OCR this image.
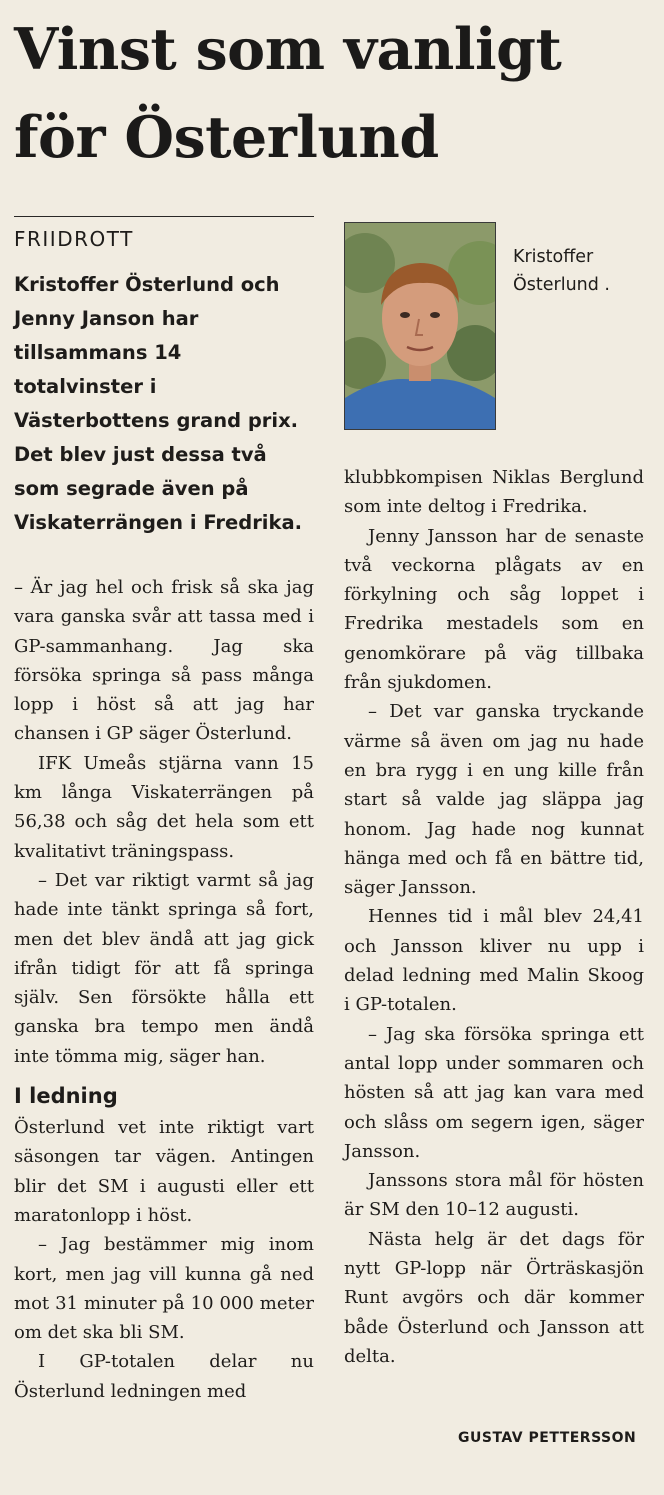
Vinst som vanligt
för Österlund
FRIIDROTT
Kristoffer Österlund och Jenny Janson har tillsammans 14 totalvinster i Västerbottens grand prix. Det blev just dessa två som segrade även på Viskaterrängen i Fredrika.

– Är jag hel och frisk så ska jag vara ganska svår att tassa med i GP-sammanhang. Jag ska försöka springa så pass många lopp i höst så att jag har chansen i GP säger Österlund.

IFK Umeås stjärna vann 15 km långa Viskaterrängen på 56,38 och såg det hela som ett kvalitativt träningspass.

– Det var riktigt varmt så jag hade inte tänkt springa så fort, men det blev ändå att jag gick ifrån tidigt för att få springa själv. Sen försökte hålla ett ganska bra tempo men ändå inte tömma mig, säger han.

I ledning

Österlund vet inte riktigt vart säsongen tar vägen. Antingen blir det SM i augusti eller ett maratonlopp i höst.

– Jag bestämmer mig inom kort, men jag vill kunna gå ned mot 31 minuter på 10 000 meter om det ska bli SM.

I GP-totalen delar nu Österlund ledningen med

Kristoffer Österlund .

klubbkompisen Niklas Berglund som inte deltog i Fredrika.

Jenny Jansson har de senaste två veckorna plågats av en förkylning och såg loppet i Fredrika mestadels som en genomkörare på väg tillbaka från sjukdomen.

– Det var ganska tryckande värme så även om jag nu hade en bra rygg i en ung kille från start så valde jag släppa jag honom. Jag hade nog kunnat hänga med och få en bättre tid, säger Jansson.

Hennes tid i mål blev 24,41 och Jansson kliver nu upp i delad ledning med Malin Skoog i GP-totalen.

– Jag ska försöka springa ett antal lopp under sommaren och hösten så att jag kan vara med och slåss om segern igen, säger Jansson.

Janssons stora mål för hösten är SM den 10–12 augusti.

Nästa helg är det dags för nytt GP-lopp när Örträskasjön Runt avgörs och där kommer både Österlund och Jansson att delta.

GUSTAV PETTERSSON
